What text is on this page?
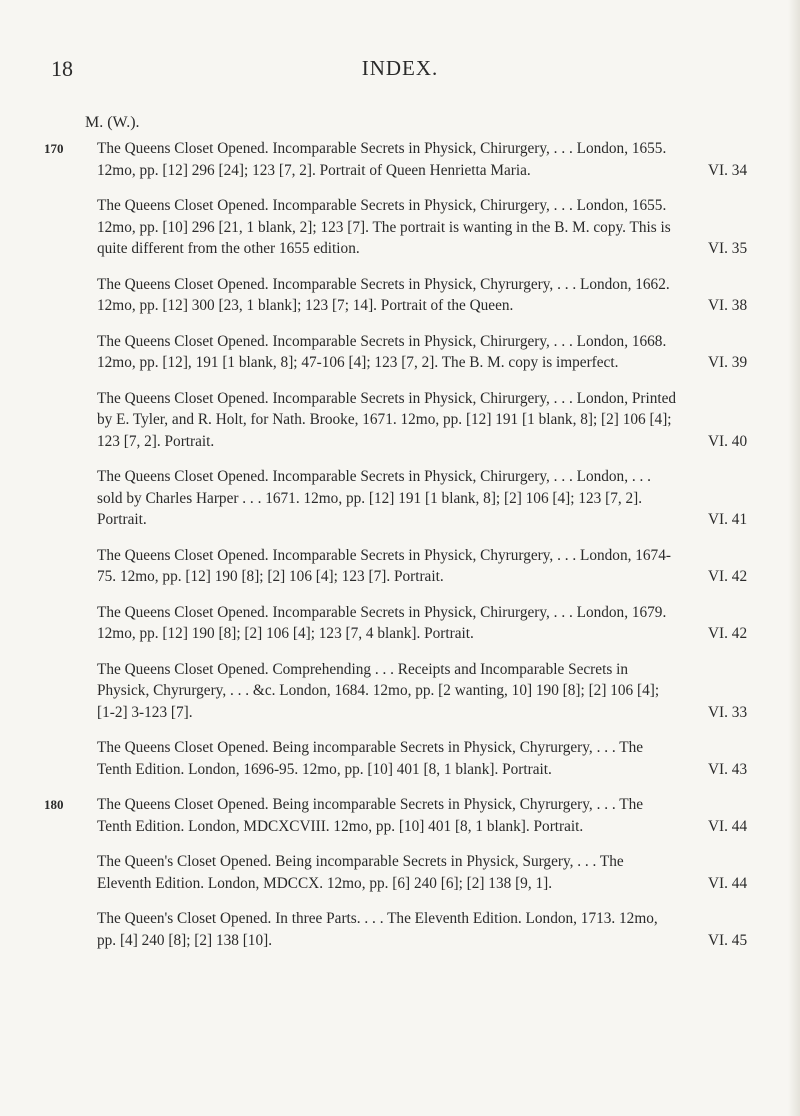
18	INDEX.
M. (W.).
170 The Queens Closet Opened. Incomparable Secrets in Physick, Chirurgery, . . . London, 1655. 12mo, pp. [12] 296 [24]; 123 [7, 2]. Portrait of Queen Henrietta Maria.	VI. 34
The Queens Closet Opened. Incomparable Secrets in Physick, Chirurgery, . . . London, 1655. 12mo, pp. [10] 296 [21, 1 blank, 2]; 123 [7]. The portrait is wanting in the B. M. copy. This is quite different from the other 1655 edition.	VI. 35
The Queens Closet Opened. Incomparable Secrets in Physick, Chyrurgery, . . . London, 1662. 12mo, pp. [12] 300 [23, 1 blank]; 123 [7; 14]. Portrait of the Queen.	VI. 38
The Queens Closet Opened. Incomparable Secrets in Physick, Chirurgery, . . . London, 1668. 12mo, pp. [12], 191 [1 blank, 8]; 47-106 [4]; 123 [7, 2]. The B. M. copy is imperfect.	VI. 39
The Queens Closet Opened. Incomparable Secrets in Physick, Chirurgery, . . . London, Printed by E. Tyler, and R. Holt, for Nath. Brooke, 1671. 12mo, pp. [12] 191 [1 blank, 8]; [2] 106 [4]; 123 [7, 2]. Portrait.	VI. 40
The Queens Closet Opened. Incomparable Secrets in Physick, Chirurgery, . . . London, . . . sold by Charles Harper . . . 1671. 12mo, pp. [12] 191 [1 blank, 8]; [2] 106 [4]; 123 [7, 2]. Portrait.	VI. 41
The Queens Closet Opened. Incomparable Secrets in Physick, Chyrurgery, . . . London, 1674-75. 12mo, pp. [12] 190 [8]; [2] 106 [4]; 123 [7]. Portrait.	VI. 42
The Queens Closet Opened. Incomparable Secrets in Physick, Chirurgery, . . . London, 1679. 12mo, pp. [12] 190 [8]; [2] 106 [4]; 123 [7, 4 blank]. Portrait.	VI. 42
The Queens Closet Opened. Comprehending . . . Receipts and Incomparable Secrets in Physick, Chyrurgery, . . . &c. London, 1684. 12mo, pp. [2 wanting, 10] 190 [8]; [2] 106 [4]; [1-2] 3-123 [7].	VI. 33
The Queens Closet Opened. Being incomparable Secrets in Physick, Chyrurgery, . . . The Tenth Edition. London, 1696-95. 12mo, pp. [10] 401 [8, 1 blank]. Portrait.	VI. 43
180 The Queens Closet Opened. Being incomparable Secrets in Physick, Chyrurgery, . . . The Tenth Edition. London, MDCXCVIII. 12mo, pp. [10] 401 [8, 1 blank]. Portrait.	VI. 44
The Queen's Closet Opened. Being incomparable Secrets in Physick, Surgery, . . . The Eleventh Edition. London, MDCCX. 12mo, pp. [6] 240 [6]; [2] 138 [9, 1].	VI. 44
The Queen's Closet Opened. In three Parts. . . . The Eleventh Edition. London, 1713. 12mo, pp. [4] 240 [8]; [2] 138 [10].	VI. 45
